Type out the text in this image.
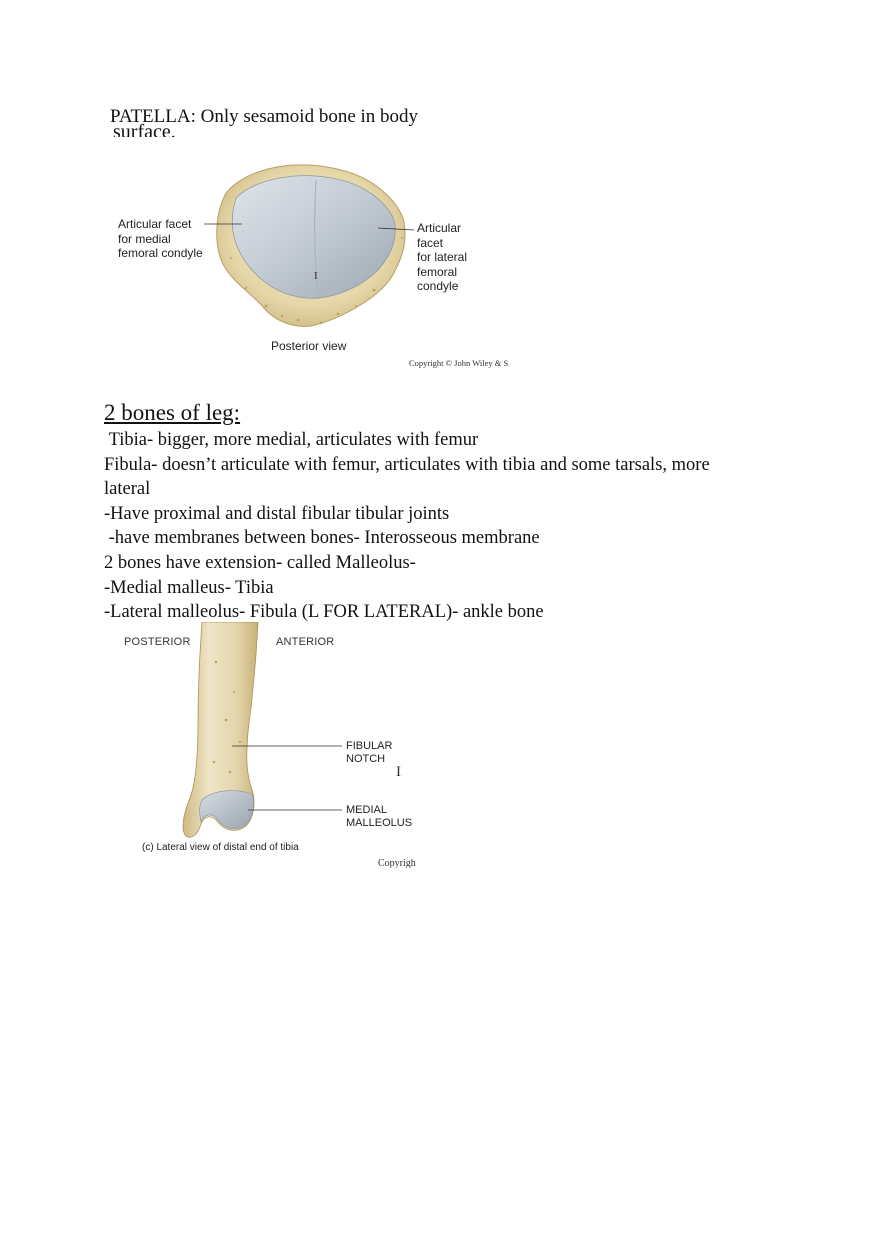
PATELLA: Only sesamoid bone in body
surface.
Articular facet
for medial
femoral condyle
Articular
facet
for lateral
femoral
condyle
Posterior view
Copyright © John Wiley & S
I
2 bones of leg:
Tibia- bigger, more medial, articulates with femur
Fibula- doesn’t articulate with femur, articulates with tibia and some tarsals, more
lateral
-Have proximal and distal fibular tibular joints
-have membranes between bones- Interosseous membrane
2 bones have extension- called Malleolus-
-Medial malleus- Tibia
-Lateral malleolus- Fibula (L FOR LATERAL)- ankle bone
POSTERIOR	ANTERIOR
FIBULAR
NOTCH
MEDIAL
MALLEOLUS
(c) Lateral view of distal end of tibia
Copyrigh
I
